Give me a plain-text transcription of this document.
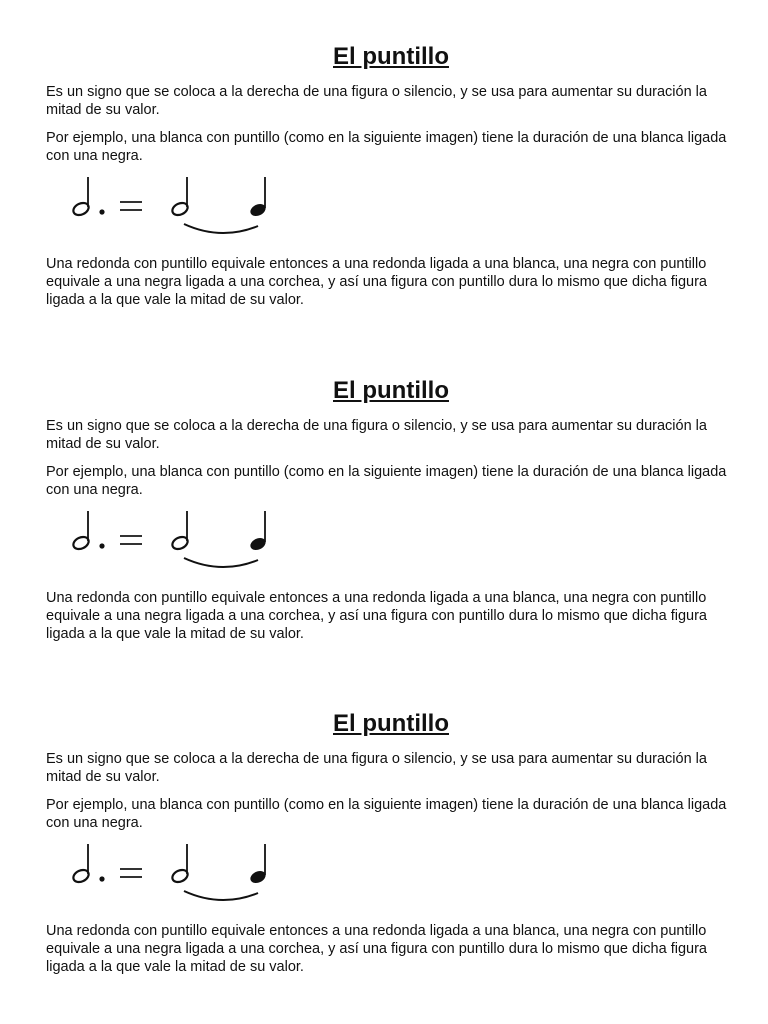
El puntillo

Es un signo que se coloca a la derecha de una figura o silencio, y se usa para aumentar su duración la mitad de su valor.

Por ejemplo, una blanca con puntillo (como en la siguiente imagen) tiene la duración de una blanca ligada con una negra.

Una redonda con puntillo equivale entonces a una redonda ligada a una blanca, una negra con puntillo equivale a una negra ligada a una corchea, y así una figura con puntillo dura lo mismo que dicha figura ligada a la que vale la mitad de su valor.

El puntillo

Es un signo que se coloca a la derecha de una figura o silencio, y se usa para aumentar su duración la mitad de su valor.

Por ejemplo, una blanca con puntillo (como en la siguiente imagen) tiene la duración de una blanca ligada con una negra.

Una redonda con puntillo equivale entonces a una redonda ligada a una blanca, una negra con puntillo equivale a una negra ligada a una corchea, y así una figura con puntillo dura lo mismo que dicha figura ligada a la que vale la mitad de su valor.

El puntillo

Es un signo que se coloca a la derecha de una figura o silencio, y se usa para aumentar su duración la mitad de su valor.

Por ejemplo, una blanca con puntillo (como en la siguiente imagen) tiene la duración de una blanca ligada con una negra.

Una redonda con puntillo equivale entonces a una redonda ligada a una blanca, una negra con puntillo equivale a una negra ligada a una corchea, y así una figura con puntillo dura lo mismo que dicha figura ligada a la que vale la mitad de su valor.
